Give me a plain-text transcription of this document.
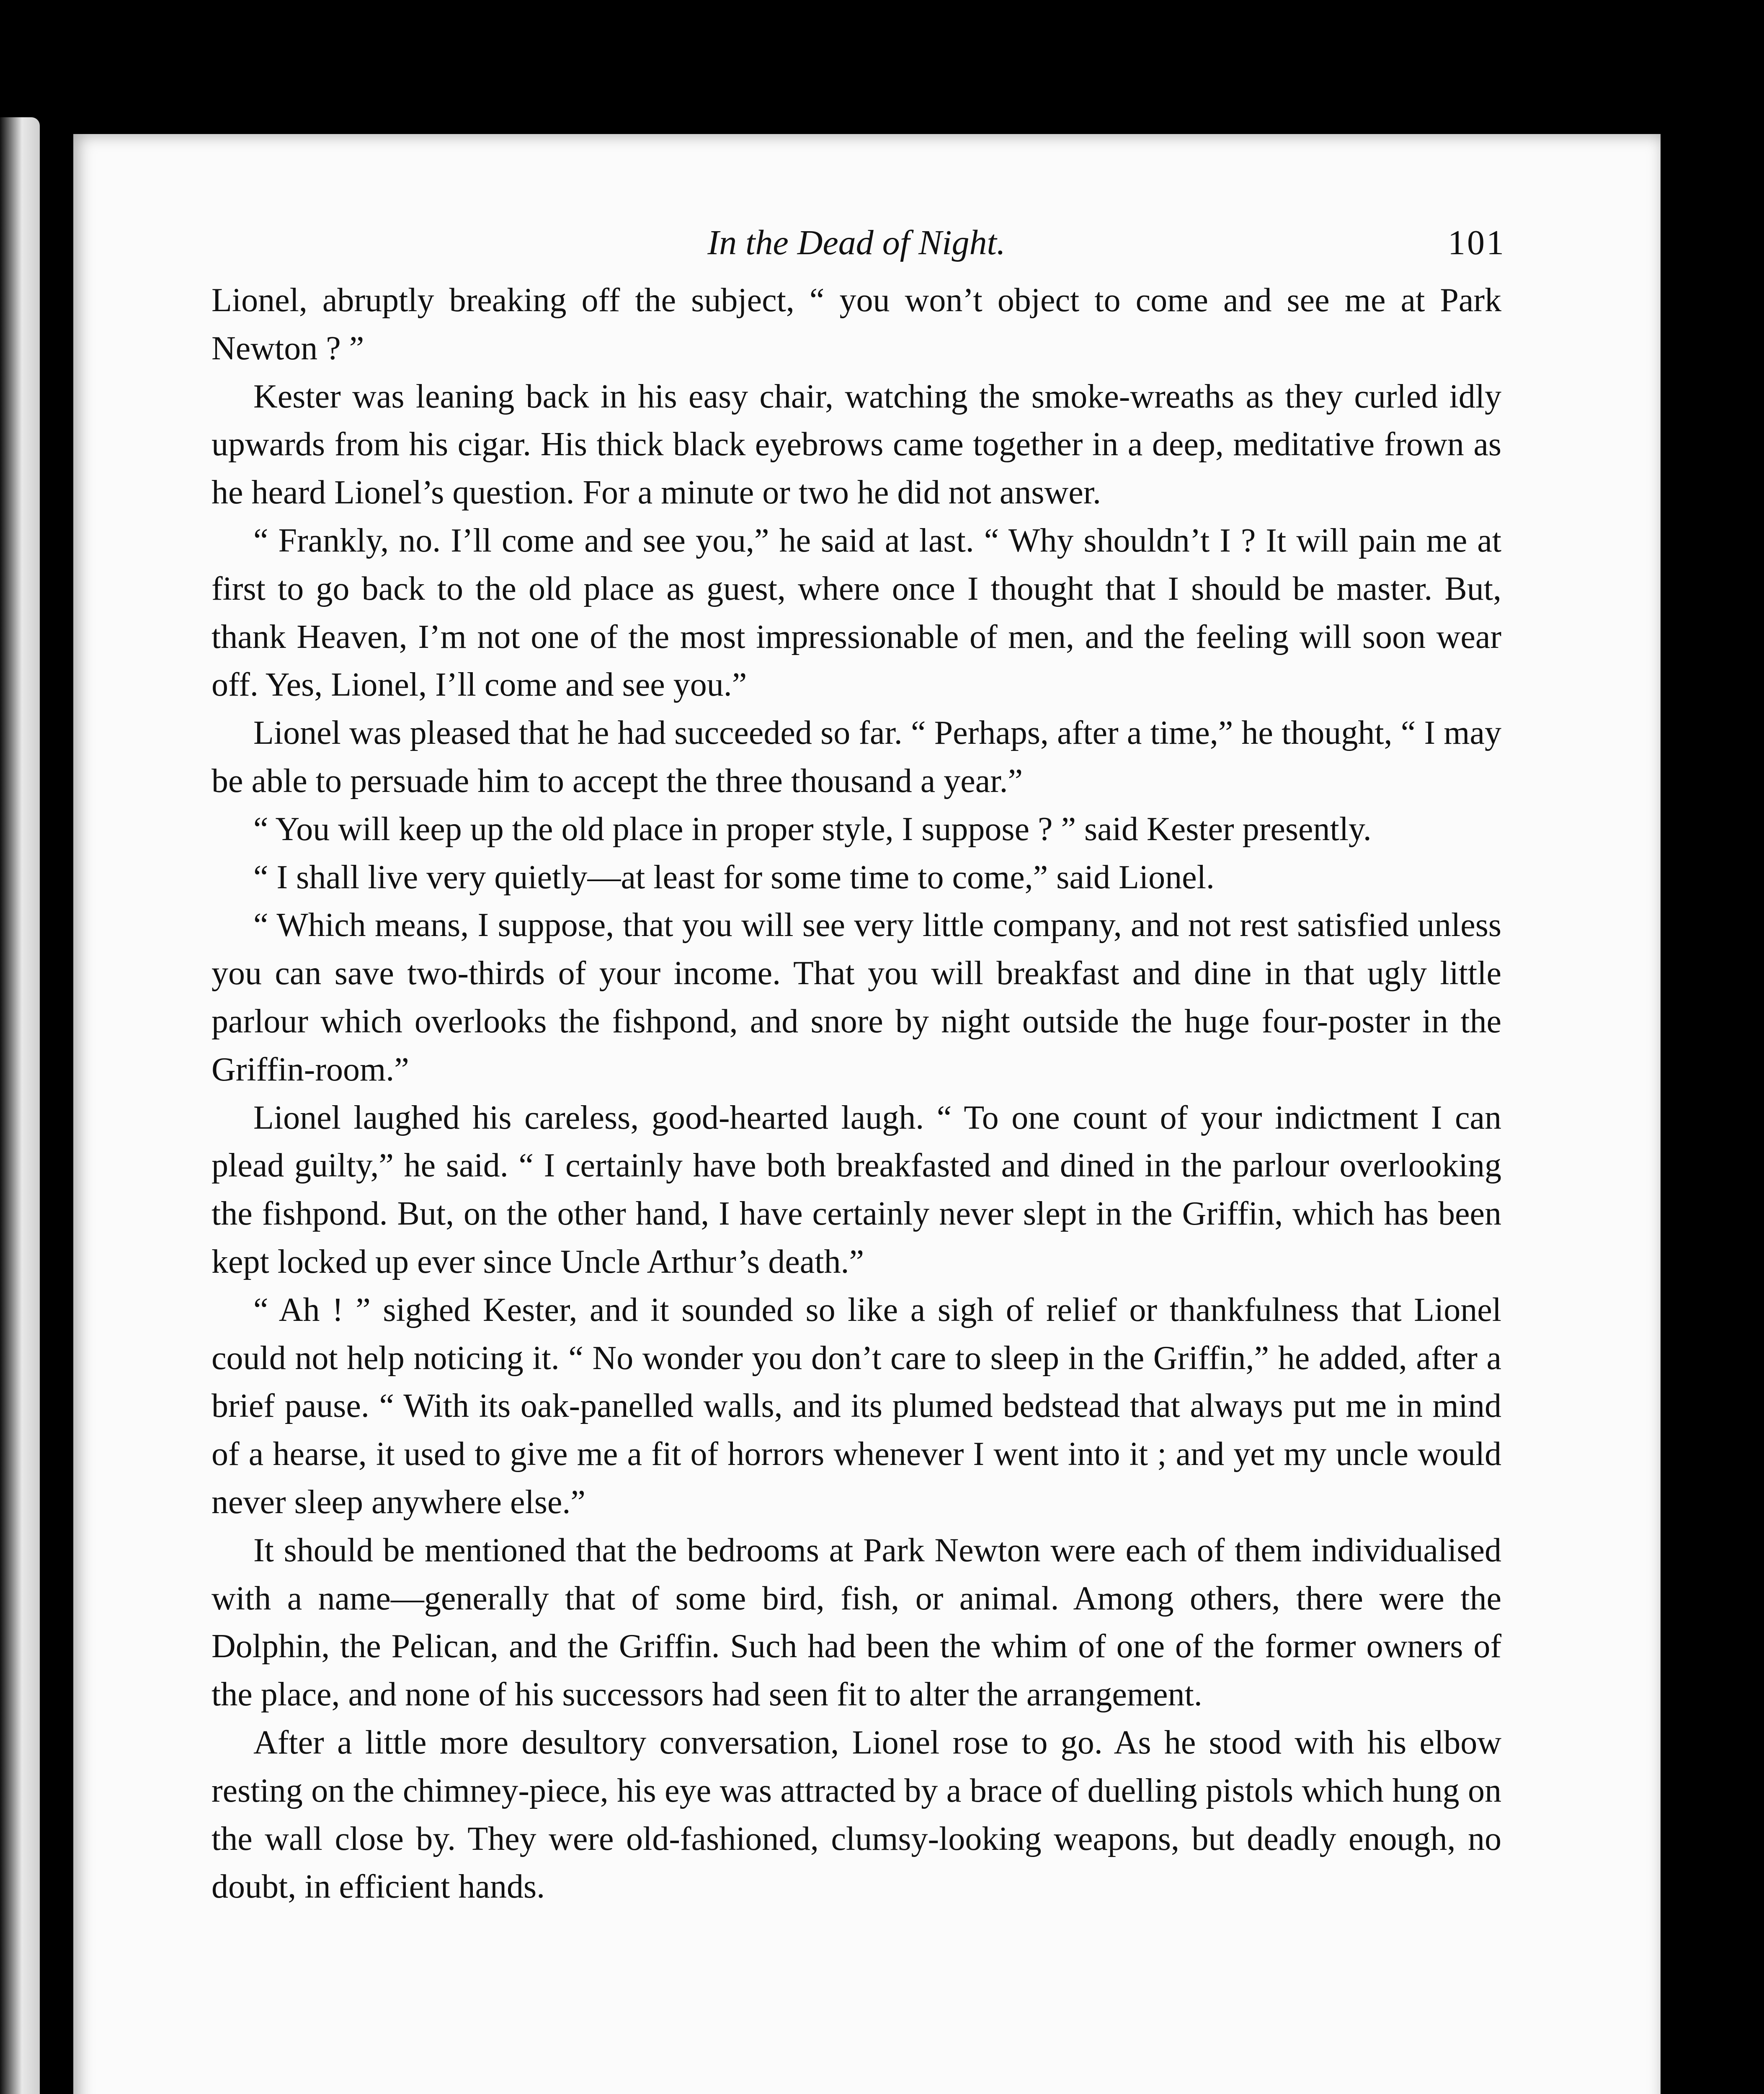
In the Dead of Night.	101

Lionel, abruptly breaking off the subject, “ you won’t object to come and see me at Park Newton ? ”

Kester was leaning back in his easy chair, watching the smoke-wreaths as they curled idly upwards from his cigar. His thick black eyebrows came together in a deep, meditative frown as he heard Lionel’s question. For a minute or two he did not answer.

“ Frankly, no. I’ll come and see you,” he said at last. “ Why shouldn’t I ? It will pain me at first to go back to the old place as guest, where once I thought that I should be master. But, thank Heaven, I’m not one of the most impressionable of men, and the feeling will soon wear off. Yes, Lionel, I’ll come and see you.”

Lionel was pleased that he had succeeded so far. “ Perhaps, after a time,” he thought, “ I may be able to persuade him to accept the three thousand a year.”

“ You will keep up the old place in proper style, I suppose ? ” said Kester presently.

“ I shall live very quietly—at least for some time to come,” said Lionel.

“ Which means, I suppose, that you will see very little company, and not rest satisfied unless you can save two-thirds of your income. That you will breakfast and dine in that ugly little parlour which overlooks the fishpond, and snore by night outside the huge four-poster in the Griffin-room.”

Lionel laughed his careless, good-hearted laugh. “ To one count of your indictment I can plead guilty,” he said. “ I certainly have both breakfasted and dined in the parlour overlooking the fishpond. But, on the other hand, I have certainly never slept in the Griffin, which has been kept locked up ever since Uncle Arthur’s death.”

“ Ah ! ” sighed Kester, and it sounded so like a sigh of relief or thankfulness that Lionel could not help noticing it. “ No wonder you don’t care to sleep in the Griffin,” he added, after a brief pause. “ With its oak-panelled walls, and its plumed bedstead that always put me in mind of a hearse, it used to give me a fit of horrors whenever I went into it ; and yet my uncle would never sleep anywhere else.”

It should be mentioned that the bedrooms at Park Newton were each of them individualised with a name—generally that of some bird, fish, or animal. Among others, there were the Dolphin, the Pelican, and the Griffin. Such had been the whim of one of the former owners of the place, and none of his successors had seen fit to alter the arrangement.

After a little more desultory conversation, Lionel rose to go. As he stood with his elbow resting on the chimney-piece, his eye was attracted by a brace of duelling pistols which hung on the wall close by. They were old-fashioned, clumsy-looking weapons, but deadly enough, no doubt, in efficient hands.
